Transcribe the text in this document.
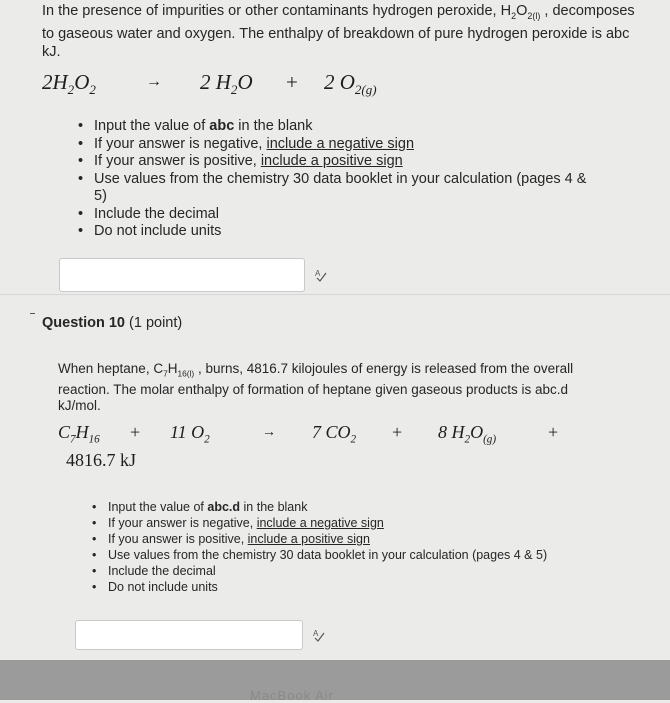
In the presence of impurities or other contaminants hydrogen peroxide, $H_2O_{2(l)}$ , decomposes to gaseous water and oxygen. The enthalpy of breakdown of pure hydrogen peroxide is abc kJ.
$2H_2O_2$	→ 2 $H_2O + 2$ $O_{2(g)}$
• Input the value of abc in the blank
• If your answer is negative, include a negative sign
• If your answer is positive, include a positive sign
• Use values from the chemistry 30 data booklet in your calculation (pages 4 & 5)
• Include the decimal
• Do not include units
A
Question 10 (1 point)
When heptane, $C_7H_{16(l)}$ , burns, 4816.7 kilojoules of energy is released from the overall reaction. The molar enthalpy of formation of heptane given gaseous products is abc.d kJ/mol.
$C_7H_{16} + 11$ $O_2$	→ 7 $CO_2 + 8$ $H_2O_{(g)}$	+
4816.7 kJ
• Input the value of abc.d in the blank
• If your answer is negative, include a negative sign
• If you answer is positive, include a positive sign
• Use values from the chemistry 30 data booklet in your calculation (pages 4 & 5)
• Include the decimal
• Do not include units
A
MacBook Air
